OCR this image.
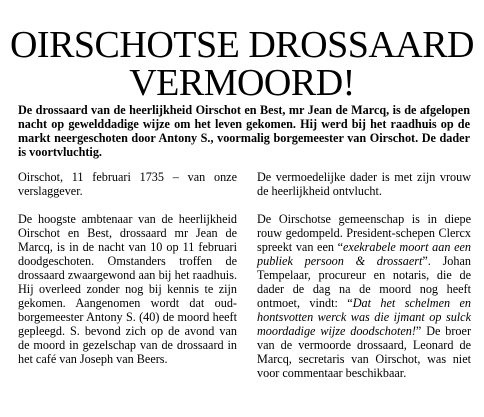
OIRSCHOTSE DROSSAARD VERMOORD!
De drossaard van de heerlijkheid Oirschot en Best, mr Jean de Marcq, is de afgelopen nacht op gewelddadige wijze om het leven gekomen. Hij werd bij het raadhuis op de markt neergeschoten door Antony S., voormalig borgemeester van Oirschot. De dader is voortvluchtig.

Oirschot, 11 februari 1735 – van onze verslaggever.

De hoogste ambtenaar van de heerlijkheid Oirschot en Best, drossaard mr Jean de Marcq, is in de nacht van 10 op 11 februari doodgeschoten. Omstanders troffen de drossaard zwaargewond aan bij het raadhuis. Hij overleed zonder nog bij kennis te zijn gekomen. Aangenomen wordt dat oud-borgemeester Antony S. (40) de moord heeft gepleegd. S. bevond zich op de avond van de moord in gezelschap van de drossaard in het café van Joseph van Beers.

De vermoedelijke dader is met zijn vrouw de heerlijkheid ontvlucht.

De Oirschotse gemeenschap is in diepe rouw gedompeld. President-schepen Clercx spreekt van een “exekrabele moort aan een publiek persoon & drossaert”. Johan Tempelaar, procureur en notaris, die de dader de dag na de moord nog heeft ontmoet, vindt: “Dat het schelmen en hontsvotten werck was die ijmant op sulck moordadige wijze doodschoten!” De broer van de vermoorde drossaard, Leonard de Marcq, secretaris van Oirschot, was niet voor commentaar beschikbaar.
